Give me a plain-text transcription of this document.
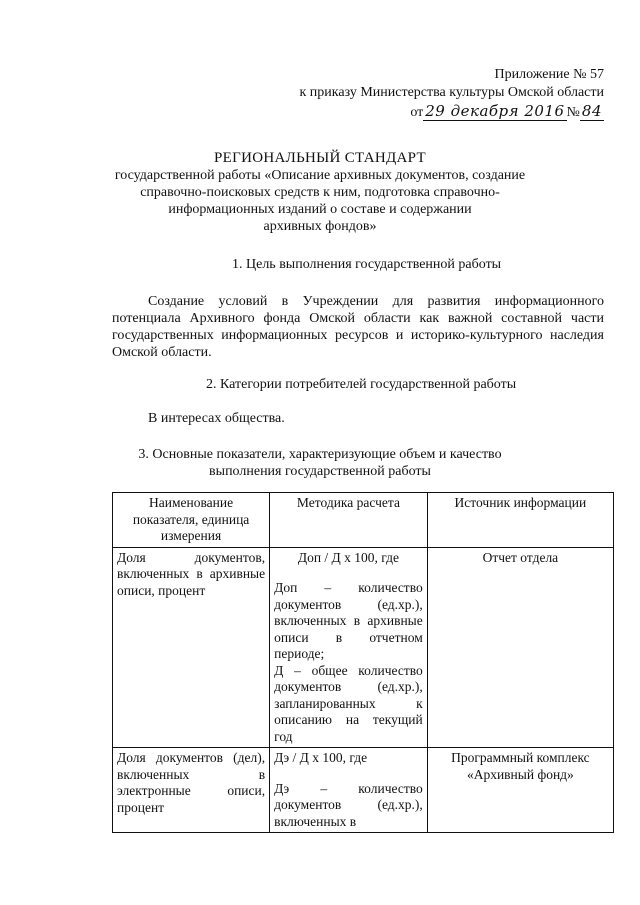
Приложение № 57
к приказу Министерства культуры Омской области
от 29 декабря 2016 № 84
РЕГИОНАЛЬНЫЙ СТАНДАРТ
государственной работы «Описание архивных документов, создание
справочно-поисковых средств к ним, подготовка справочно-
информационных изданий о составе и содержании
архивных фондов»
1. Цель выполнения государственной работы
Создание условий в Учреждении для развития информационного потенциала Архивного фонда Омской области как важной составной части государственных информационных ресурсов и историко-культурного наследия Омской области.
2. Категории потребителей государственной работы
В интересах общества.
3. Основные показатели, характеризующие объем и качество
выполнения государственной работы
Наименование показателя, единица измерения	Методика расчета	Источник информации
Доля документов, включенных в архивные описи, процент	Доп / Д х 100, где
Доп – количество документов (ед.хр.), включенных в архивные описи в отчетном периоде;
Д – общее количество документов (ед.хр.), запланированных к описанию на текущий год	Отчет отдела
Доля документов (дел), включенных в электронные описи, процент	Дэ / Д х 100, где
Дэ – количество документов (ед.хр.), включенных в	Программный комплекс «Архивный фонд»
